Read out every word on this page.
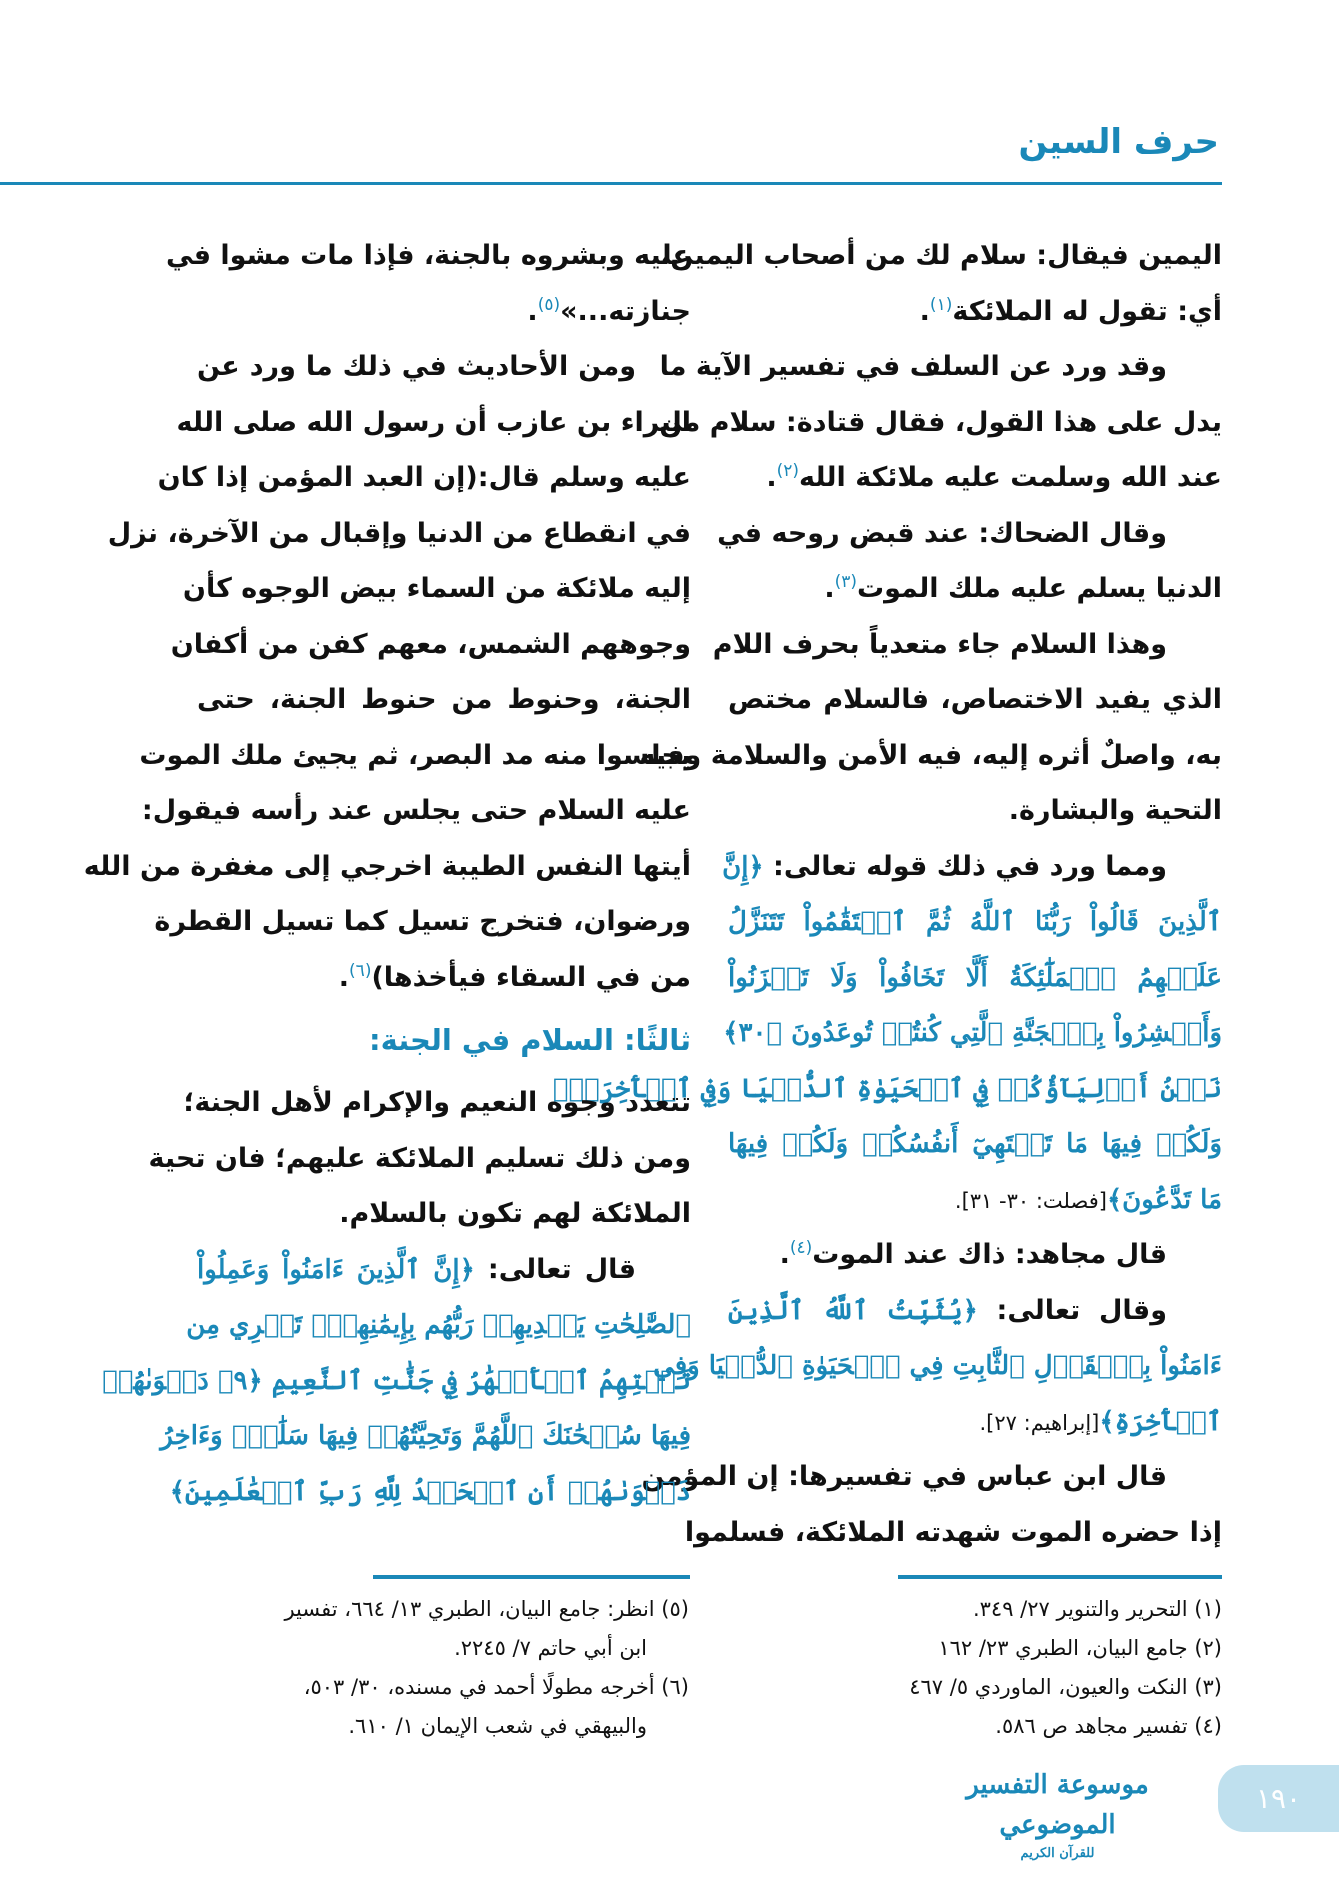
حرف السين
اليمين فيقال: سلام لك من أصحاب اليمين،
أي: تقول له الملائكة$^{(١)}$.
وقد ورد عن السلف في تفسير الآية ما
يدل على هذا القول، فقال قتادة: سلام من
عند الله وسلمت عليه ملائكة الله$^{(٢)}$.
وقال الضحاك: عند قبض روحه في
الدنيا يسلم عليه ملك الموت$^{(٣)}$.
وهذا السلام جاء متعدياً بحرف اللام
الذي يفيد الاختصاص، فالسلام مختص
به، واصلٌ أثره إليه، فيه الأمن والسلامة وفيه
التحية والبشارة.
ومما ورد في ذلك قوله تعالى: ﴿إِنَّ
ٱلَّذِينَ قَالُواْ رَبُّنَا ٱللَّهُ ثُمَّ ٱسۡتَقَٰمُواْ تَتَنَزَّلُ
عَلَيۡهِمُ ٱلۡمَلَٰٓئِكَةُ أَلَّا تَخَافُواْ وَلَا تَحۡزَنُواْ
وَأَبۡشِرُواْ بِٱلۡجَنَّةِ ٱلَّتِي كُنتُمۡ تُوعَدُونَ ﴿٣٠﴾
نَحۡنُ أَوۡلِيَآؤُكُمۡ فِي ٱلۡحَيَوٰةِ ٱلدُّنۡيَا وَفِي ٱلۡأٓخِرَةِۖ
وَلَكُمۡ فِيهَا مَا تَشۡتَهِيٓ أَنفُسُكُمۡ وَلَكُمۡ فِيهَا
مَا تَدَّعُونَ﴾[فصلت: ٣٠- ٣١].
قال مجاهد: ذاك عند الموت$^{(٤)}$.
وقال تعالى: ﴿يُثَبِّتُ ٱللَّهُ ٱلَّذِينَ
ءَامَنُواْ بِٱلۡقَوۡلِ ٱلثَّابِتِ فِي ٱلۡحَيَوٰةِ ٱلدُّنۡيَا وَفِي
ٱلۡأٓخِرَةِ﴾[إبراهيم: ٢٧].
قال ابن عباس في تفسيرها: إن المؤمن
إذا حضره الموت شهدته الملائكة، فسلموا
عليه وبشروه بالجنة، فإذا مات مشوا في
جنازته...»$^{(٥)}$.
ومن الأحاديث في ذلك ما ورد عن
البراء بن عازب أن رسول الله صلى الله
عليه وسلم قال:(إن العبد المؤمن إذا كان
في انقطاع من الدنيا وإقبال من الآخرة، نزل
إليه ملائكة من السماء بيض الوجوه كأن
وجوههم الشمس، معهم كفن من أكفان
الجنة، وحنوط من حنوط الجنة، حتى
يجلسوا منه مد البصر، ثم يجيئ ملك الموت
عليه السلام حتى يجلس عند رأسه فيقول:
أيتها النفس الطيبة اخرجي إلى مغفرة من الله
ورضوان، فتخرج تسيل كما تسيل القطرة
من في السقاء فيأخذها)$^{(٦)}$.
ثالثًا: السلام في الجنة:
تتعدد وجوه النعيم والإكرام لأهل الجنة؛
ومن ذلك تسليم الملائكة عليهم؛ فان تحية
الملائكة لهم تكون بالسلام.
قال تعالى: ﴿إِنَّ ٱلَّذِينَ ءَامَنُواْ وَعَمِلُواْ
ٱلصَّٰلِحَٰتِ يَهۡدِيهِمۡ رَبُّهُم بِإِيمَٰنِهِمۡۖ تَجۡرِي مِن
تَحۡتِهِمُ ٱلۡأَنۡهَٰرُ فِي جَنَّٰتِ ٱلنَّعِيمِ ﴿٩﴾ دَعۡوَىٰهُمۡ
فِيهَا سُبۡحَٰنَكَ ٱللَّهُمَّ وَتَحِيَّتُهُمۡ فِيهَا سَلَٰمٞۚ وَءَاخِرُ
دَعۡوَىٰهُمۡ أَنِ ٱلۡحَمۡدُ لِلَّهِ رَبِّ ٱلۡعَٰلَمِينَ﴾
(١) التحرير والتنوير ٢٧/ ٣٤٩.
(٢) جامع البيان، الطبري ٢٣/ ١٦٢
(٣) النكت والعيون، الماوردي ٥/ ٤٦٧
(٤) تفسير مجاهد ص ٥٨٦.
(٥) انظر: جامع البيان، الطبري ١٣/ ٦٦٤، تفسير
ابن أبي حاتم ٧/ ٢٢٤٥.
(٦) أخرجه مطولًا أحمد في مسنده، ٣٠/ ٥٠٣،
والبيهقي في شعب الإيمان ١/ ٦١٠.
موسوعة التفسير الموضوعي
للقرآن الكريم
١٩٠
